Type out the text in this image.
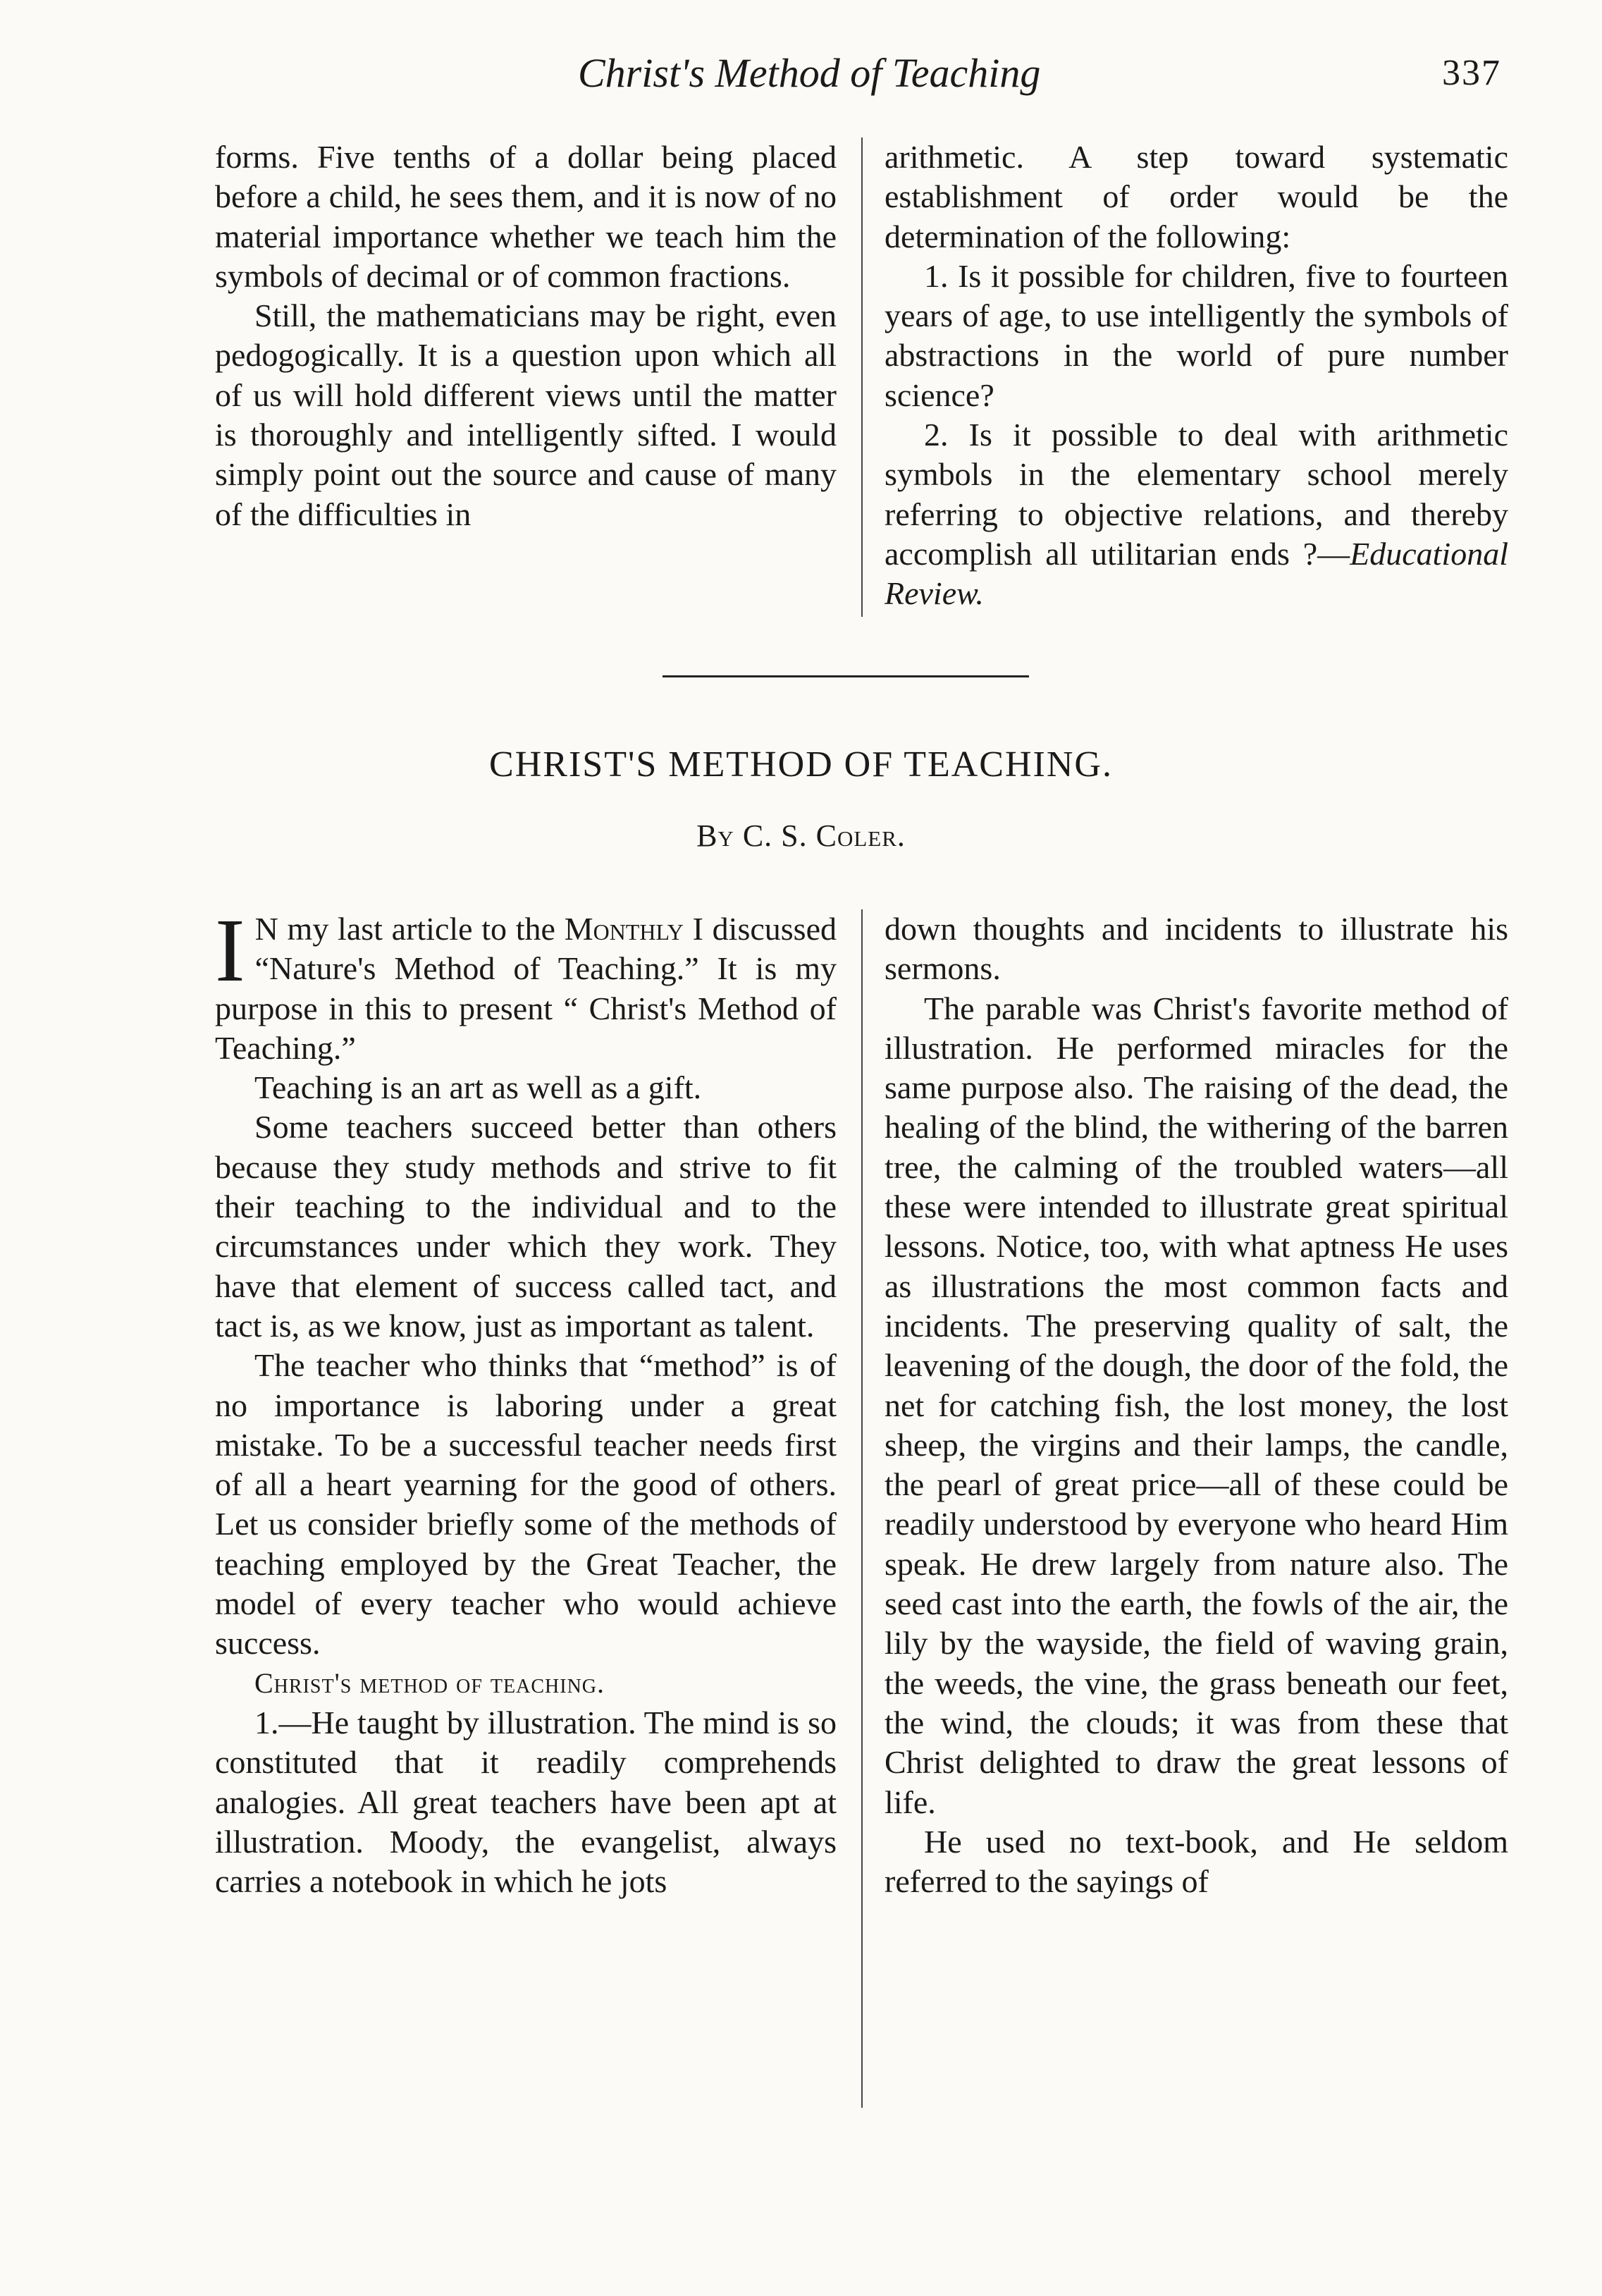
Christ's Method of Teaching	337

forms. Five tenths of a dollar being placed before a child, he sees them, and it is now of no material importance whether we teach him the symbols of decimal or of common fractions.

Still, the mathematicians may be right, even pedogogically. It is a question upon which all of us will hold different views until the matter is thoroughly and intelligently sifted. I would simply point out the source and cause of many of the difficulties in

arithmetic. A step toward systematic establishment of order would be the determination of the following:

1. Is it possible for children, five to fourteen years of age, to use intelligently the symbols of abstractions in the world of pure number science?

2. Is it possible to deal with arithmetic symbols in the elementary school merely referring to objective relations, and thereby accomplish all utilitarian ends ?—Educational Review.

CHRIST'S METHOD OF TEACHING.
By C. S. Coler.

I N my last article to the Monthly I discussed “Nature's Method of Teaching.” It is my purpose in this to present “ Christ's Method of Teaching.”

Teaching is an art as well as a gift.

Some teachers succeed better than others because they study methods and strive to fit their teaching to the individual and to the circumstances under which they work. They have that element of success called tact, and tact is, as we know, just as important as talent.

The teacher who thinks that “method” is of no importance is laboring under a great mistake. To be a successful teacher needs first of all a heart yearning for the good of others. Let us consider briefly some of the methods of teaching employed by the Great Teacher, the model of every teacher who would achieve success.

Christ's method of teaching.

1.—He taught by illustration. The mind is so constituted that it readily comprehends analogies. All great teachers have been apt at illustration. Moody, the evangelist, always carries a notebook in which he jots

down thoughts and incidents to illustrate his sermons.

The parable was Christ's favorite method of illustration. He performed miracles for the same purpose also. The raising of the dead, the healing of the blind, the withering of the barren tree, the calming of the troubled waters—all these were intended to illustrate great spiritual lessons. Notice, too, with what aptness He uses as illustrations the most common facts and incidents. The preserving quality of salt, the leavening of the dough, the door of the fold, the net for catching fish, the lost money, the lost sheep, the virgins and their lamps, the candle, the pearl of great price—all of these could be readily understood by everyone who heard Him speak. He drew largely from nature also. The seed cast into the earth, the fowls of the air, the lily by the wayside, the field of waving grain, the weeds, the vine, the grass beneath our feet, the wind, the clouds; it was from these that Christ delighted to draw the great lessons of life.

He used no text-book, and He seldom referred to the sayings of
